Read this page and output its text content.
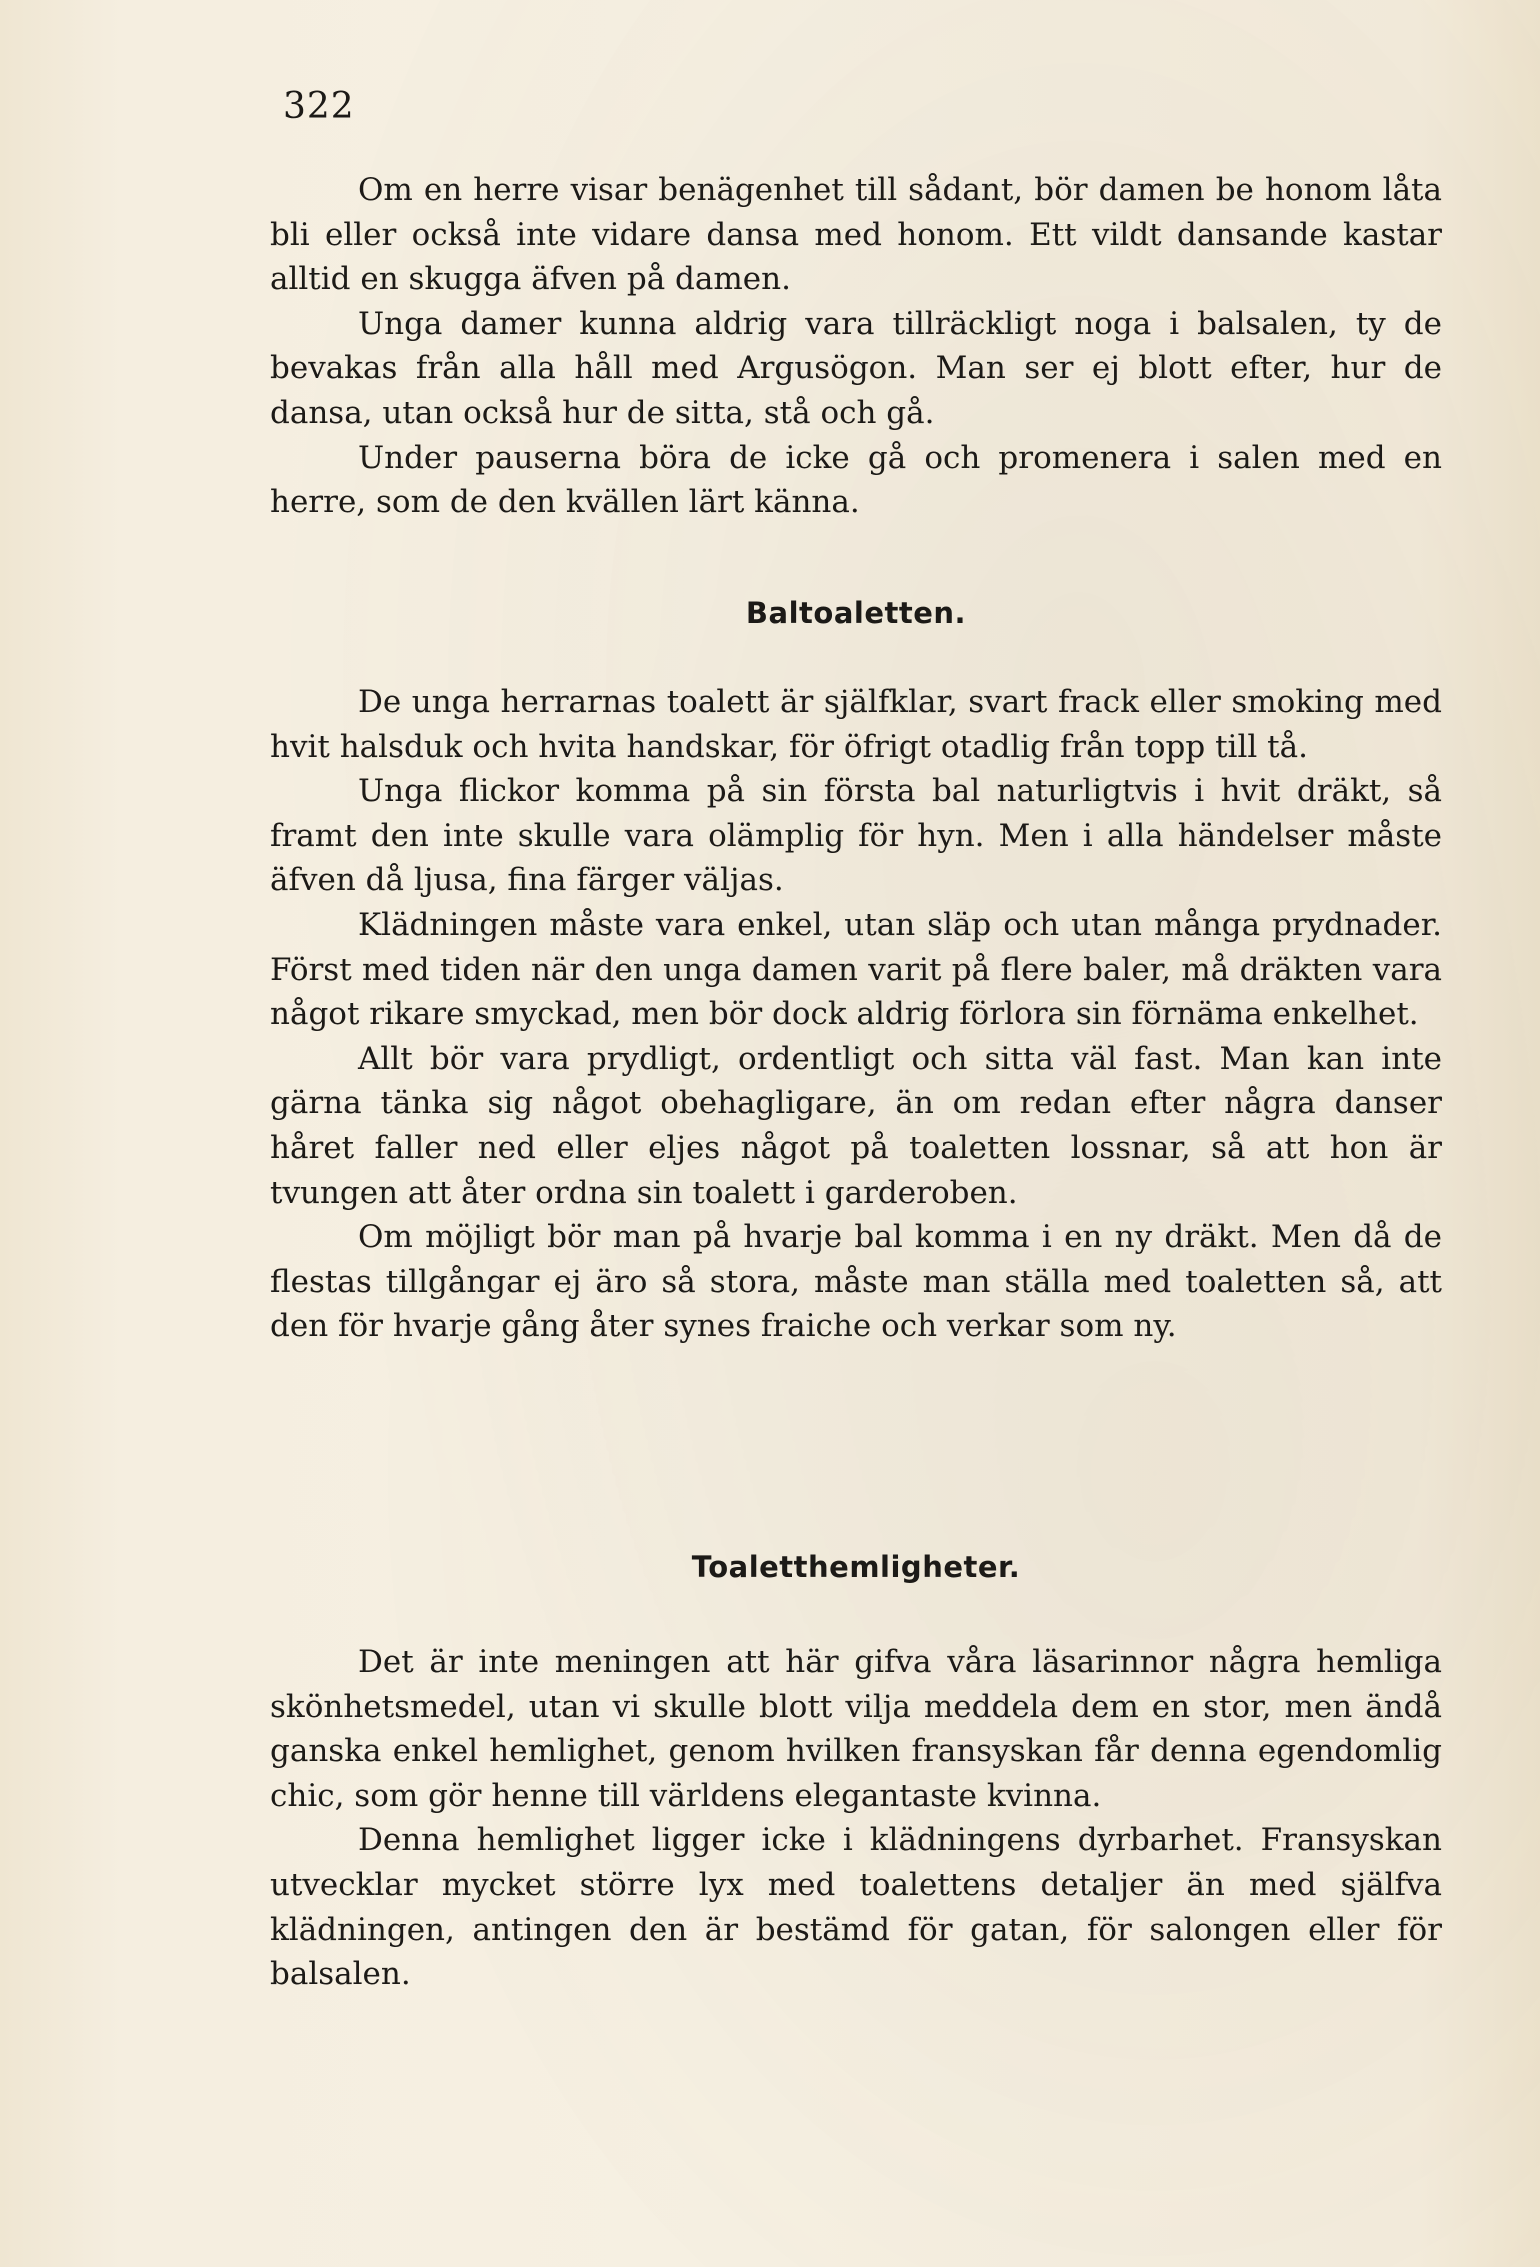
322

Om en herre visar benägenhet till sådant, bör damen be honom låta bli eller också inte vidare dansa med honom. Ett vildt dansande kastar alltid en skugga äfven på damen.

Unga damer kunna aldrig vara tillräckligt noga i balsalen, ty de bevakas från alla håll med Argusögon. Man ser ej blott efter, hur de dansa, utan också hur de sitta, stå och gå.

Under pauserna böra de icke gå och promenera i salen med en herre, som de den kvällen lärt känna.

Baltoaletten.

De unga herrarnas toalett är själfklar, svart frack eller smoking med hvit halsduk och hvita handskar, för öfrigt otadlig från topp till tå.

Unga flickor komma på sin första bal naturligtvis i hvit dräkt, så framt den inte skulle vara olämplig för hyn. Men i alla händelser måste äfven då ljusa, fina färger väljas.

Klädningen måste vara enkel, utan släp och utan många prydnader. Först med tiden när den unga damen varit på flere baler, må dräkten vara något rikare smyckad, men bör dock aldrig förlora sin förnäma enkelhet.

Allt bör vara prydligt, ordentligt och sitta väl fast. Man kan inte gärna tänka sig något obehagligare, än om redan efter några danser håret faller ned eller eljes något på toaletten lossnar, så att hon är tvungen att åter ordna sin toalett i garderoben.

Om möjligt bör man på hvarje bal komma i en ny dräkt. Men då de flestas tillgångar ej äro så stora, måste man ställa med toaletten så, att den för hvarje gång åter synes fraiche och verkar som ny.

Toaletthemligheter.

Det är inte meningen att här gifva våra läsarinnor några hemliga skönhetsmedel, utan vi skulle blott vilja meddela dem en stor, men ändå ganska enkel hemlighet, genom hvilken fransyskan får denna egendomlig chic, som gör henne till världens elegantaste kvinna.

Denna hemlighet ligger icke i klädningens dyrbarhet. Fransyskan utvecklar mycket större lyx med toalettens detaljer än med själfva klädningen, antingen den är bestämd för gatan, för salongen eller för balsalen.
